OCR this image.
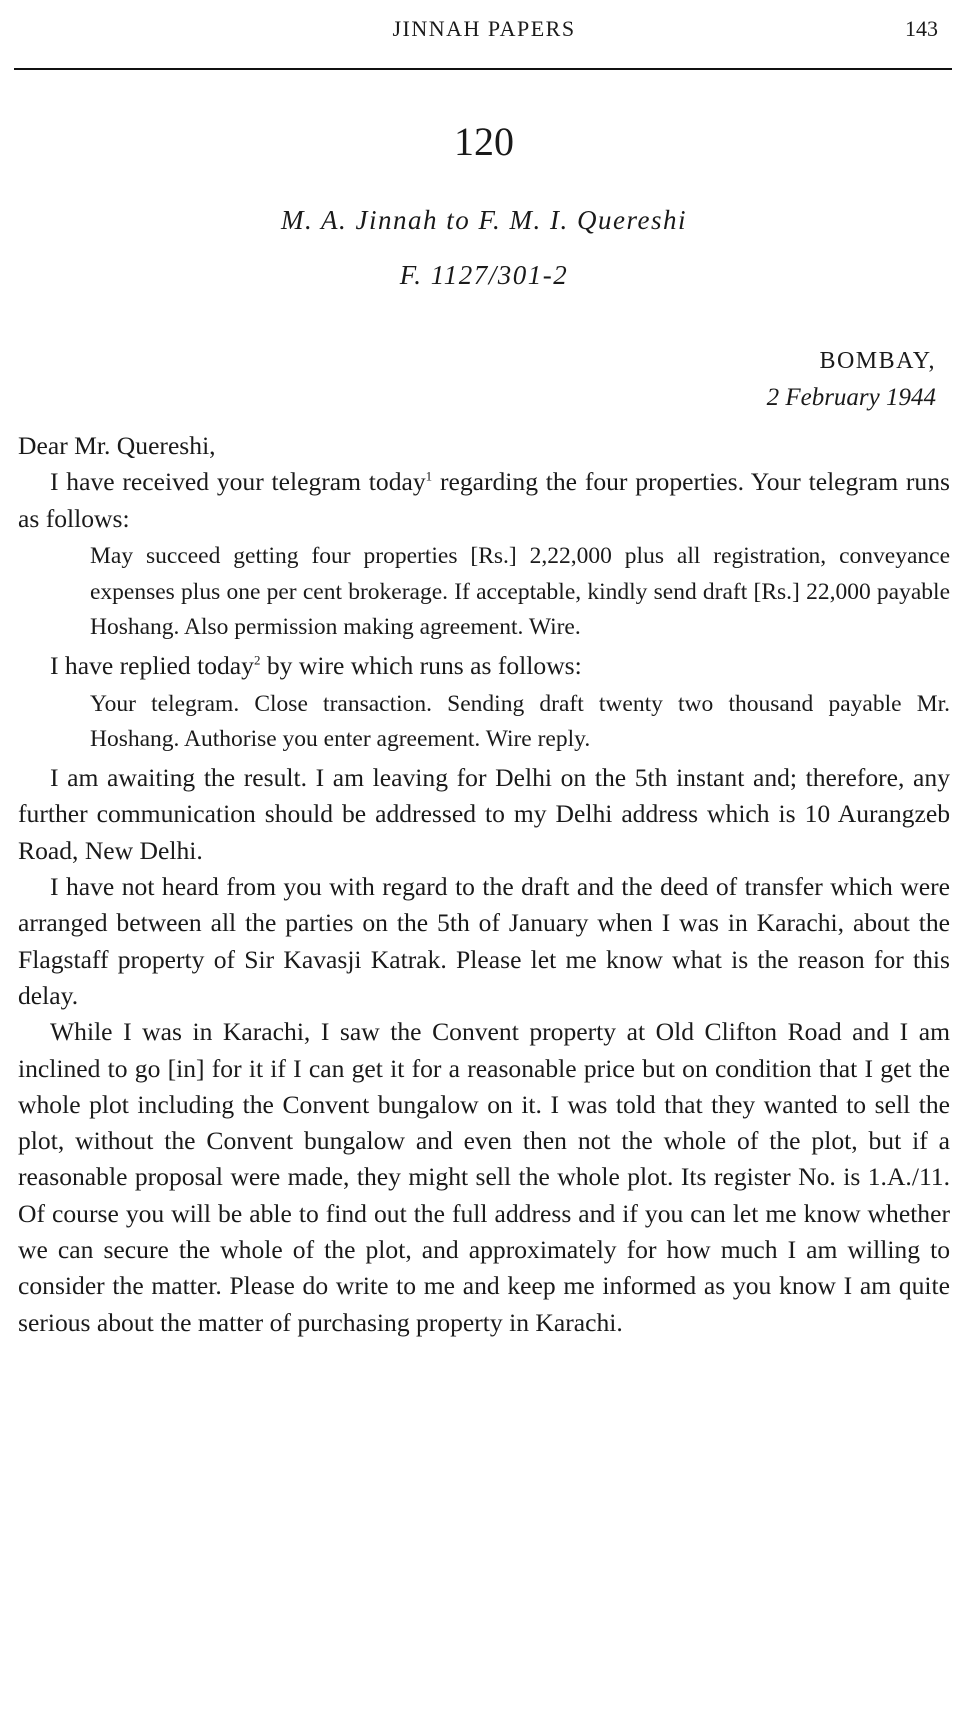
JINNAH PAPERS	143
120
M. A. Jinnah to F. M. I. Quereshi
F. 1127/301-2
BOMBAY,
2 February 1944

Dear Mr. Quereshi,

I have received your telegram today$^1$ regarding the four properties. Your telegram runs as follows:

May succeed getting four properties [Rs.] 2,22,000 plus all registration, conveyance expenses plus one per cent brokerage. If acceptable, kindly send draft [Rs.] 22,000 payable Hoshang. Also permission making agreement. Wire.

I have replied today$^2$ by wire which runs as follows:

Your telegram. Close transaction. Sending draft twenty two thousand payable Mr. Hoshang. Authorise you enter agreement. Wire reply.

I am awaiting the result. I am leaving for Delhi on the 5th instant and; therefore, any further communication should be addressed to my Delhi address which is 10 Aurangzeb Road, New Delhi.

I have not heard from you with regard to the draft and the deed of transfer which were arranged between all the parties on the 5th of January when I was in Karachi, about the Flagstaff property of Sir Kavasji Katrak. Please let me know what is the reason for this delay.

While I was in Karachi, I saw the Convent property at Old Clifton Road and I am inclined to go [in] for it if I can get it for a reasonable price but on condition that I get the whole plot including the Convent bungalow on it. I was told that they wanted to sell the plot, without the Convent bungalow and even then not the whole of the plot, but if a reasonable proposal were made, they might sell the whole plot. Its register No. is 1.A./11. Of course you will be able to find out the full address and if you can let me know whether we can secure the whole of the plot, and approximately for how much I am willing to consider the matter. Please do write to me and keep me informed as you know I am quite serious about the matter of purchasing property in Karachi.
